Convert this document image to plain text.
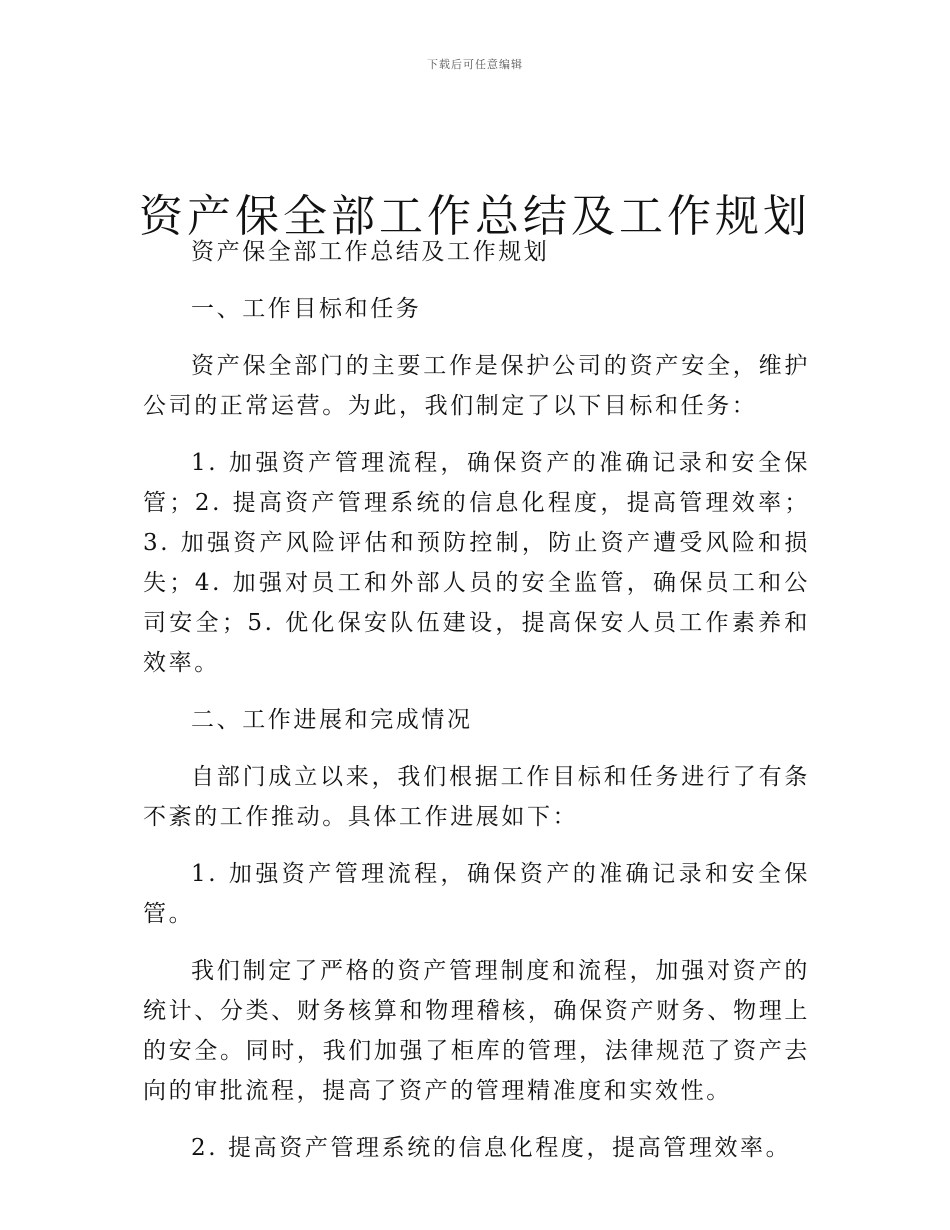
下载后可任意编辑
资产保全部工作总结及工作规划

资产保全部工作总结及工作规划

一、工作目标和任务

资产保全部门的主要工作是保护公司的资产安全，维护公司的正常运营。为此，我们制定了以下目标和任务：

1. 加强资产管理流程，确保资产的准确记录和安全保管；2. 提高资产管理系统的信息化程度，提高管理效率；3. 加强资产风险评估和预防控制，防止资产遭受风险和损失；4. 加强对员工和外部人员的安全监管，确保员工和公司安全；5. 优化保安队伍建设，提高保安人员工作素养和效率。

二、工作进展和完成情况

自部门成立以来，我们根据工作目标和任务进行了有条不紊的工作推动。具体工作进展如下：

1. 加强资产管理流程，确保资产的准确记录和安全保管。

我们制定了严格的资产管理制度和流程，加强对资产的统计、分类、财务核算和物理稽核，确保资产财务、物理上的安全。同时，我们加强了柜库的管理，法律规范了资产去向的审批流程，提高了资产的管理精准度和实效性。

2. 提高资产管理系统的信息化程度，提高管理效率。
